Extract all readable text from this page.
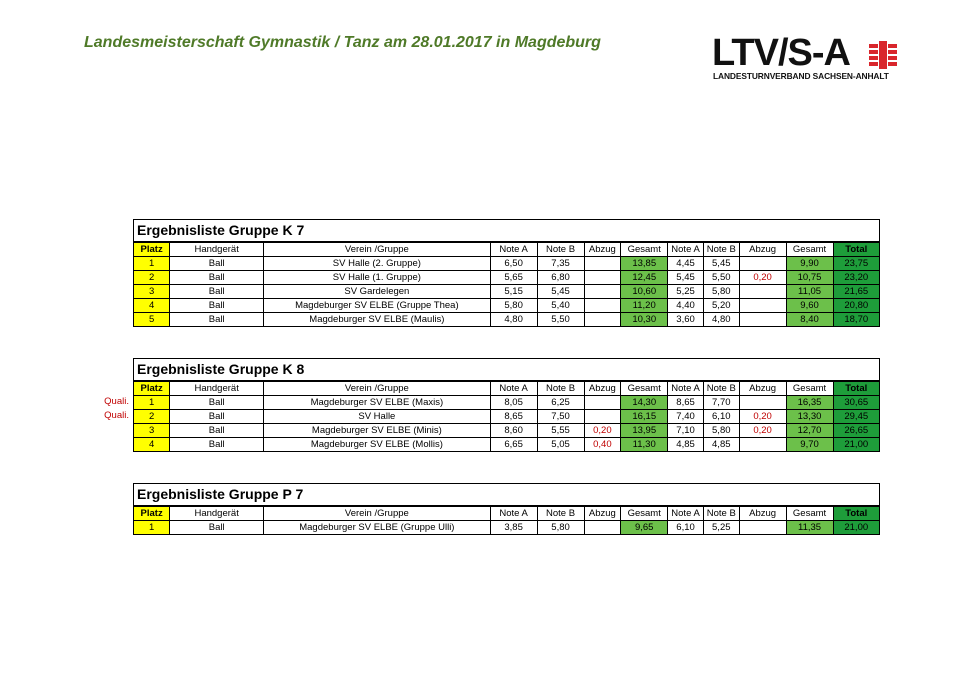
Landesmeisterschaft Gymnastik / Tanz am 28.01.2017 in Magdeburg	LTV/S-A
LANDESTURNVERBAND SACHSEN-ANHALT
Ergebnisliste Gruppe K 7
Platz	Handgerät	Verein /Gruppe	Note A	Note B	Abzug	Gesamt	Note A	Note B	Abzug	Gesamt	Total
1	Ball	SV Halle (2. Gruppe)	6,50	7,35		13,85	4,45	5,45		9,90	23,75
2	Ball	SV Halle (1. Gruppe)	5,65	6,80		12,45	5,45	5,50	0,20	10,75	23,20
3	Ball	SV Gardelegen	5,15	5,45		10,60	5,25	5,80		11,05	21,65
4	Ball	Magdeburger SV ELBE (Gruppe Thea)	5,80	5,40		11,20	4,40	5,20		9,60	20,80
5	Ball	Magdeburger SV ELBE (Maulis)	4,80	5,50		10,30	3,60	4,80		8,40	18,70
Quali.
Quali.
Ergebnisliste Gruppe K 8
Platz	Handgerät	Verein /Gruppe	Note A	Note B	Abzug	Gesamt	Note A	Note B	Abzug	Gesamt	Total
1	Ball	Magdeburger SV ELBE (Maxis)	8,05	6,25		14,30	8,65	7,70		16,35	30,65
2	Ball	SV Halle	8,65	7,50		16,15	7,40	6,10	0,20	13,30	29,45
3	Ball	Magdeburger SV ELBE (Minis)	8,60	5,55	0,20	13,95	7,10	5,80	0,20	12,70	26,65
4	Ball	Magdeburger SV ELBE (Mollis)	6,65	5,05	0,40	11,30	4,85	4,85		9,70	21,00
Ergebnisliste Gruppe P 7
Platz	Handgerät	Verein /Gruppe	Note A	Note B	Abzug	Gesamt	Note A	Note B	Abzug	Gesamt	Total
1	Ball	Magdeburger SV ELBE (Gruppe Ulli)	3,85	5,80		9,65	6,10	5,25		11,35	21,00
